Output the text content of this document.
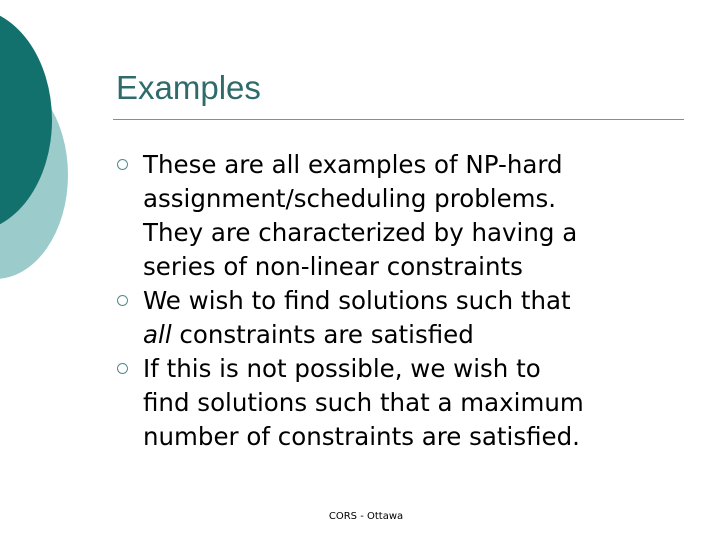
Examples
These are all examples of NP-hard
assignment/scheduling problems.
They are characterized by having a
series of non-linear constraints
We wish to find solutions such that
all constraints are satisfied
If this is not possible, we wish to
find solutions such that a maximum
number of constraints are satisfied.
CORS - Ottawa
